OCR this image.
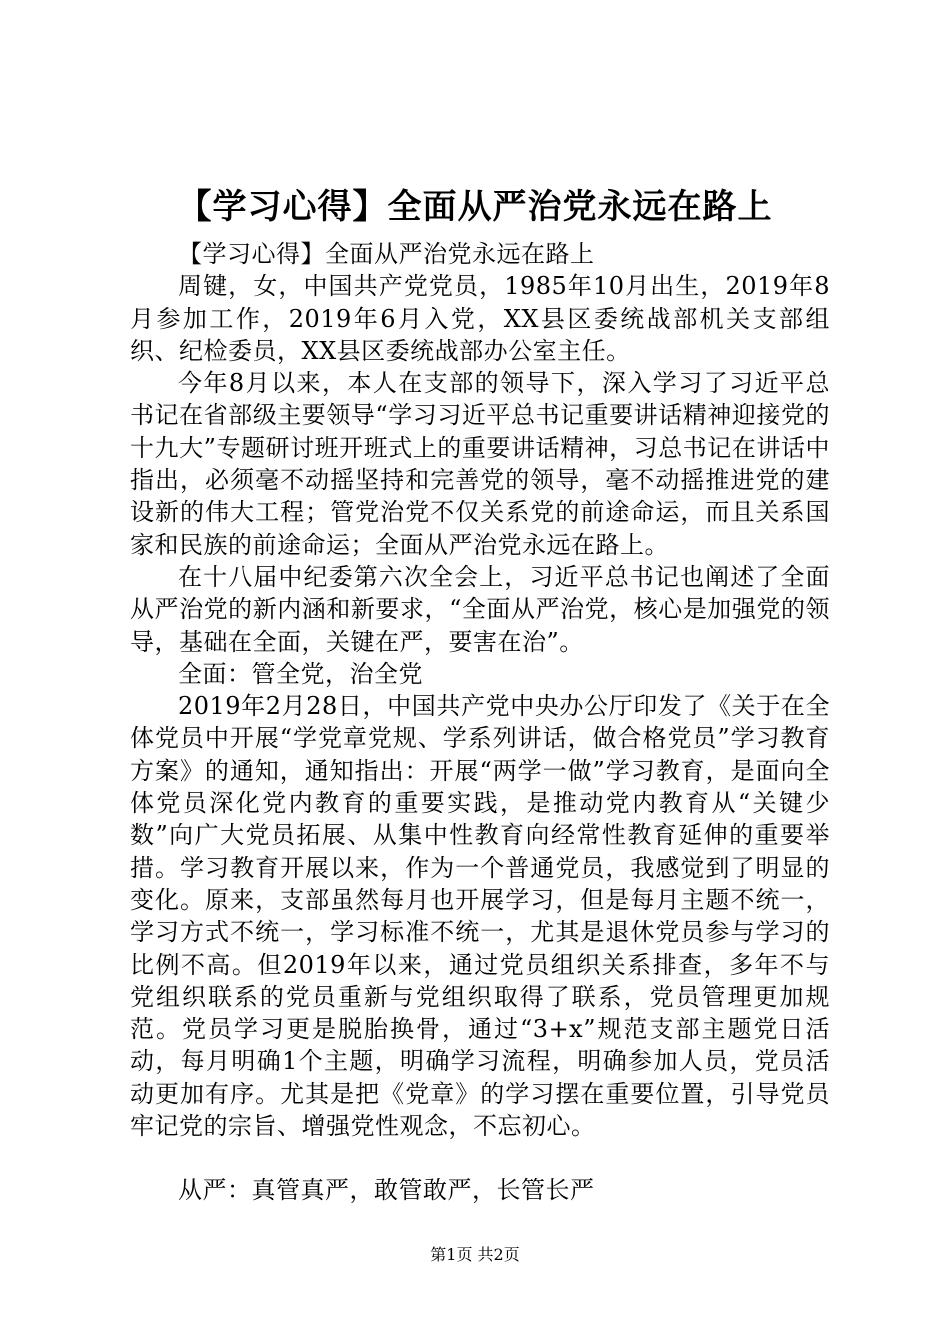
【学习心得】全面从严治党永远在路上

【学习心得】全面从严治党永远在路上

周键，女，中国共产党党员，1985年10月出生，2019年8月参加工作，2019年6月入党，XX县区委统战部机关支部组织、纪检委员，XX县区委统战部办公室主任。

今年8月以来，本人在支部的领导下，深入学习了习近平总书记在省部级主要领导“学习习近平总书记重要讲话精神迎接党的十九大”专题研讨班开班式上的重要讲话精神，习总书记在讲话中指出，必须毫不动摇坚持和完善党的领导，毫不动摇推进党的建设新的伟大工程；管党治党不仅关系党的前途命运，而且关系国家和民族的前途命运；全面从严治党永远在路上。

在十八届中纪委第六次全会上，习近平总书记也阐述了全面从严治党的新内涵和新要求，“全面从严治党，核心是加强党的领导，基础在全面，关键在严，要害在治”。

全面：管全党，治全党

2019年2月28日，中国共产党中央办公厅印发了《关于在全体党员中开展“学党章党规、学系列讲话，做合格党员”学习教育方案》的通知，通知指出：开展“两学一做”学习教育，是面向全体党员深化党内教育的重要实践，是推动党内教育从“关键少数”向广大党员拓展、从集中性教育向经常性教育延伸的重要举措。学习教育开展以来，作为一个普通党员，我感觉到了明显的变化。原来，支部虽然每月也开展学习，但是每月主题不统一，学习方式不统一，学习标准不统一，尤其是退休党员参与学习的比例不高。但2019年以来，通过党员组织关系排查，多年不与党组织联系的党员重新与党组织取得了联系，党员管理更加规范。党员学习更是脱胎换骨，通过“3+x”规范支部主题党日活动，每月明确1个主题，明确学习流程，明确参加人员，党员活动更加有序。尤其是把《党章》的学习摆在重要位置，引导党员牢记党的宗旨、增强党性观念，不忘初心。

从严：真管真严，敢管敢严，长管长严

第1页 共2页
